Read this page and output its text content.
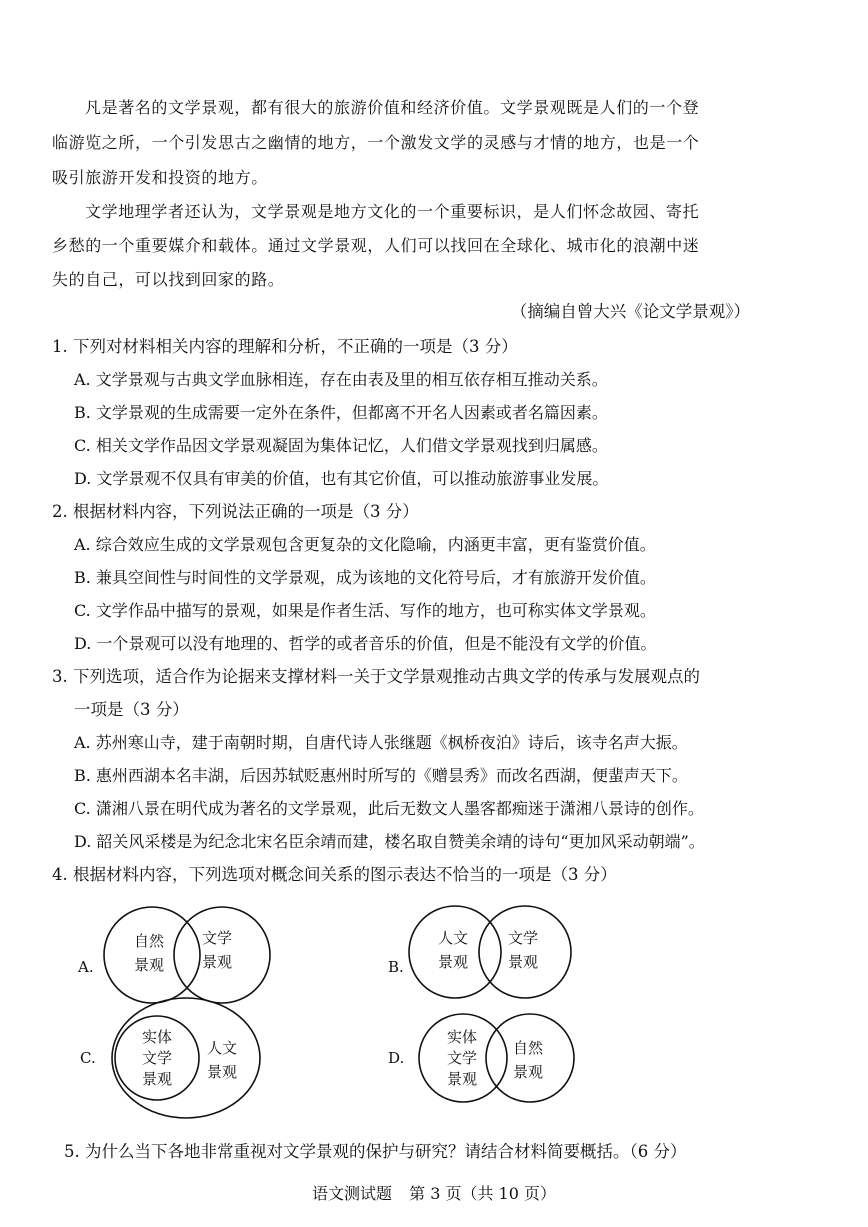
凡是著名的文学景观，都有很大的旅游价值和经济价值。文学景观既是人们的一个登
临游览之所，一个引发思古之幽情的地方，一个激发文学的灵感与才情的地方，也是一个
吸引旅游开发和投资的地方。
文学地理学者还认为，文学景观是地方文化的一个重要标识，是人们怀念故园、寄托
乡愁的一个重要媒介和载体。通过文学景观，人们可以找回在全球化、城市化的浪潮中迷
失的自己，可以找到回家的路。
（摘编自曾大兴《论文学景观》）
1. 下列对材料相关内容的理解和分析，不正确的一项是（3 分）
A. 文学景观与古典文学血脉相连，存在由表及里的相互依存相互推动关系。
B. 文学景观的生成需要一定外在条件，但都离不开名人因素或者名篇因素。
C. 相关文学作品因文学景观凝固为集体记忆，人们借文学景观找到归属感。
D. 文学景观不仅具有审美的价值，也有其它价值，可以推动旅游事业发展。
2. 根据材料内容，下列说法正确的一项是（3 分）
A. 综合效应生成的文学景观包含更复杂的文化隐喻，内涵更丰富，更有鉴赏价值。
B. 兼具空间性与时间性的文学景观，成为该地的文化符号后，才有旅游开发价值。
C. 文学作品中描写的景观，如果是作者生活、写作的地方，也可称实体文学景观。
D. 一个景观可以没有地理的、哲学的或者音乐的价值，但是不能没有文学的价值。
3. 下列选项，适合作为论据来支撑材料一关于文学景观推动古典文学的传承与发展观点的
一项是（3 分）
A. 苏州寒山寺，建于南朝时期，自唐代诗人张继题《枫桥夜泊》诗后，该寺名声大振。
B. 惠州西湖本名丰湖，后因苏轼贬惠州时所写的《赠昙秀》而改名西湖，便蜚声天下。
C. 潇湘八景在明代成为著名的文学景观，此后无数文人墨客都痴迷于潇湘八景诗的创作。
D. 韶关风采楼是为纪念北宋名臣余靖而建，楼名取自赞美余靖的诗句“更加风采动朝端”。
4. 根据材料内容，下列选项对概念间关系的图示表达不恰当的一项是（3 分）
A.
自然
景观
文学
景观	B.
人文
景观
文学
景观
C.
实体
文学
景观
人文
景观
D.
实体
文学
景观
自然
景观
5. 为什么当下各地非常重视对文学景观的保护与研究？请结合材料简要概括。（6 分）
语文测试题 第 3 页（共 10 页）
